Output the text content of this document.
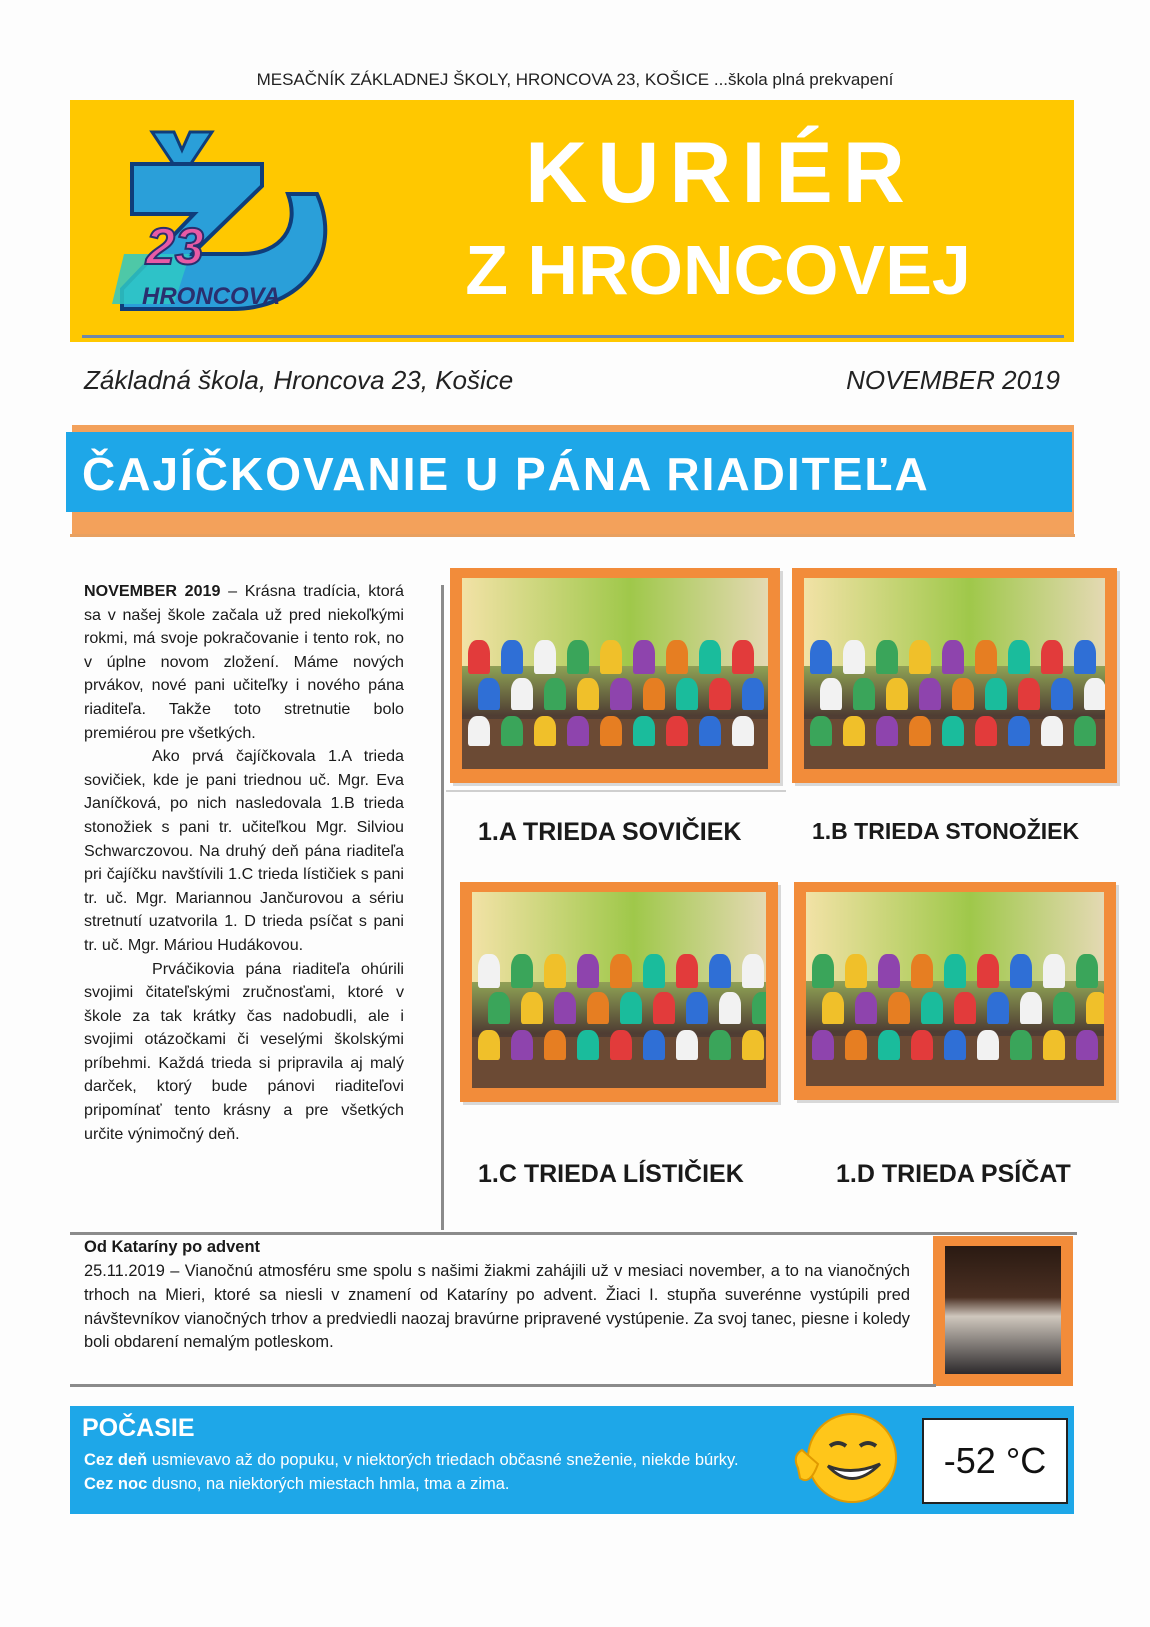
MESAČNÍK ZÁKLADNEJ ŠKOLY, HRONCOVA 23, KOŠICE ...škola plná prekvapení
23
HRONCOVA
KURIÉR
Z HRONCOVEJ
Základná škola, Hroncova 23, Košice	NOVEMBER 2019
ČAJÍČKOVANIE U PÁNA RIADITEĽA

NOVEMBER 2019 – Krásna tradícia, ktorá sa v našej škole začala už pred niekoľkými rokmi, má svoje pokračovanie i tento rok, no v úplne novom zložení. Máme nových prvákov, nové pani učiteľky i nového pána riaditeľa. Takže toto stretnutie bolo premiérou pre všetkých.

Ako prvá čajíčkovala 1.A trieda sovičiek, kde je pani triednou uč. Mgr. Eva Janíčková, po nich nasledovala 1.B trieda stonožiek s pani tr. učiteľkou Mgr. Silviou Schwarczovou. Na druhý deň pána riaditeľa pri čajíčku navštívili 1.C trieda lístičiek s pani tr. uč. Mgr. Mariannou Jančurovou a sériu stretnutí uzatvorila 1. D trieda psíčat s pani tr. uč. Mgr. Máriou Hudákovou.

Prváčikovia pána riaditeľa ohúrili svojimi čitateľskými zručnosťami, ktoré v škole za tak krátky čas nadobudli, ale i svojimi otázočkami či veselými školskými príbehmi. Každá trieda si pripravila aj malý darček, ktorý bude pánovi riaditeľovi pripomínať tento krásny a pre všetkých určite výnimočný deň.

1.A TRIEDA SOVIČIEK	1.B TRIEDA STONOŽIEK
1.C TRIEDA LÍSTIČIEK	1.D TRIEDA PSÍČAT
Od Kataríny po advent
25.11.2019 – Vianočnú atmosféru sme spolu s našimi žiakmi zahájili už v mesiaci november, a to na vianočných trhoch na Mieri, ktoré sa niesli v znamení od Kataríny po advent. Žiaci I. stupňa suverénne vystúpili pred návštevníkov vianočných trhov a predviedli naozaj bravúrne pripravené vystúpenie. Za svoj tanec, piesne i koledy boli obdarení nemalým potleskom.
POČASIE
Cez deň usmievavo až do popuku, v niektorých triedach občasné sneženie, niekde búrky. Cez noc dusno, na niektorých miestach hmla, tma a zima.
-52 °C
